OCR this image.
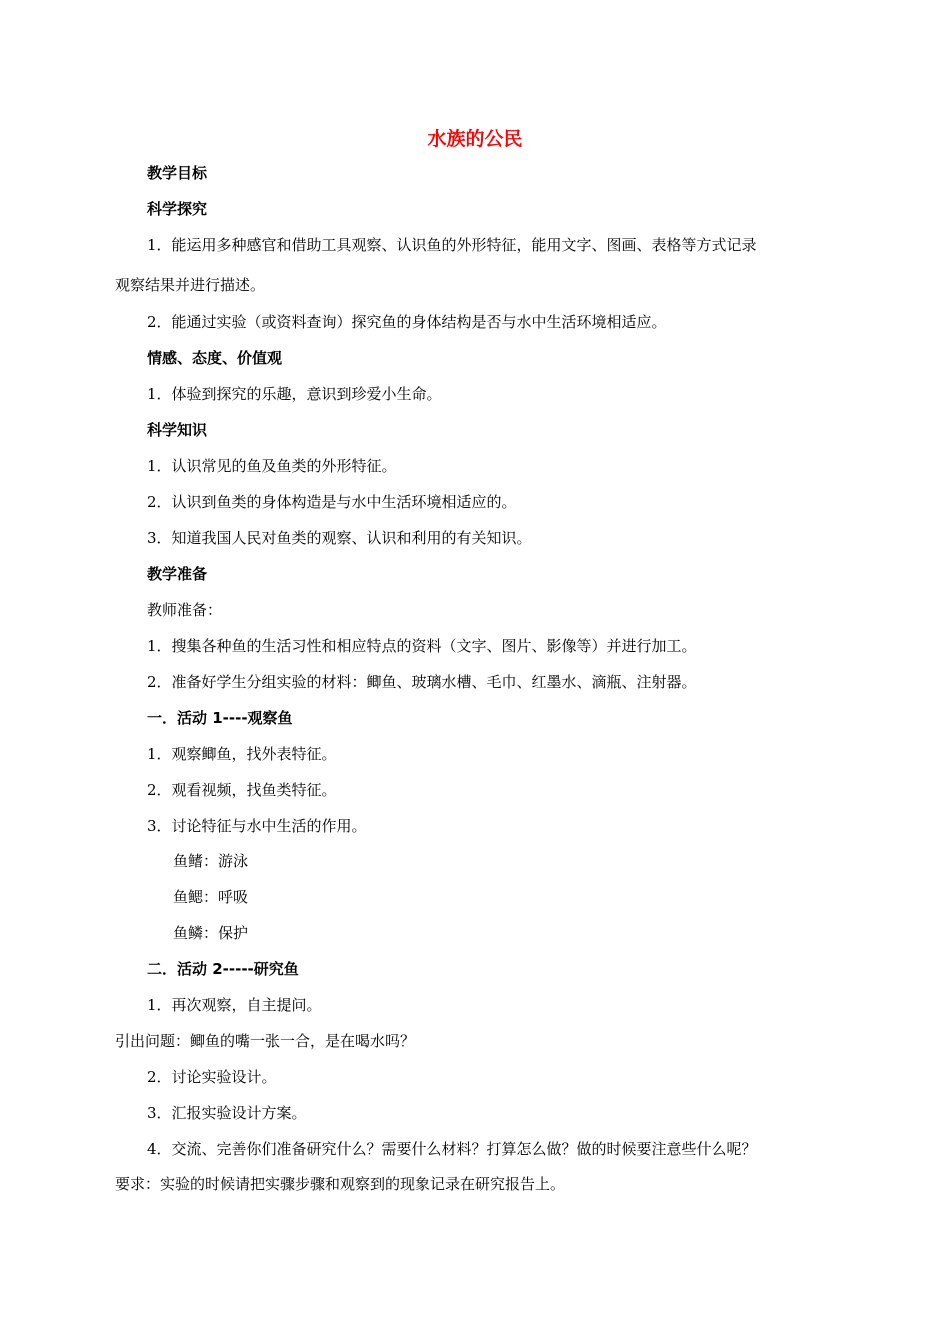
水族的公民
教学目标
科学探究
1．能运用多种感官和借助工具观察、认识鱼的外形特征，能用文字、图画、表格等方式记录
观察结果并进行描述。
2．能通过实验（或资料查询）探究鱼的身体结构是否与水中生活环境相适应。
情感、态度、价值观
1．体验到探究的乐趣，意识到珍爱小生命。
科学知识
1．认识常见的鱼及鱼类的外形特征。
2．认识到鱼类的身体构造是与水中生活环境相适应的。
3．知道我国人民对鱼类的观察、认识和利用的有关知识。
教学准备
教师准备：
1．搜集各种鱼的生活习性和相应特点的资料（文字、图片、影像等）并进行加工。
2．准备好学生分组实验的材料：鲫鱼、玻璃水槽、毛巾、红墨水、滴瓶、注射器。
一．活动 1----观察鱼
1．观察鲫鱼，找外表特征。
2．观看视频，找鱼类特征。
3．讨论特征与水中生活的作用。
鱼鳍：游泳
鱼鳃：呼吸
鱼鳞：保护
二．活动 2-----研究鱼
1．再次观察，自主提问。
引出问题：鲫鱼的嘴一张一合，是在喝水吗？
2．讨论实验设计。
3．汇报实验设计方案。
4．交流、完善你们准备研究什么？需要什么材料？打算怎么做？做的时候要注意些什么呢？
要求：实验的时候请把实骤步骤和观察到的现象记录在研究报告上。
